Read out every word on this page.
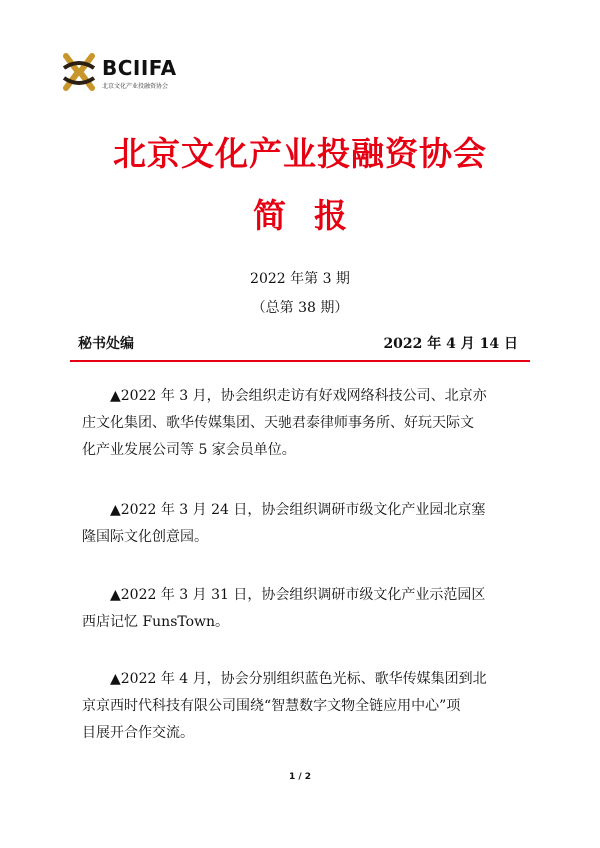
BCIIFA
北京文化产业投融资协会
北京文化产业投融资协会
简报
2022 年第 3 期
（总第 38 期）
秘书处编	2022 年 4 月 14 日
▲2022 年 3 月，协会组织走访有好戏网络科技公司、北京亦
庄文化集团、歌华传媒集团、天驰君泰律师事务所、好玩天际文
化产业发展公司等 5 家会员单位。
▲2022 年 3 月 24 日，协会组织调研市级文化产业园北京塞
隆国际文化创意园。
▲2022 年 3 月 31 日，协会组织调研市级文化产业示范园区
西店记忆 FunsTown。
▲2022 年 4 月，协会分别组织蓝色光标、歌华传媒集团到北
京京西时代科技有限公司围绕“智慧数字文物全链应用中心”项
目展开合作交流。
1 / 2
